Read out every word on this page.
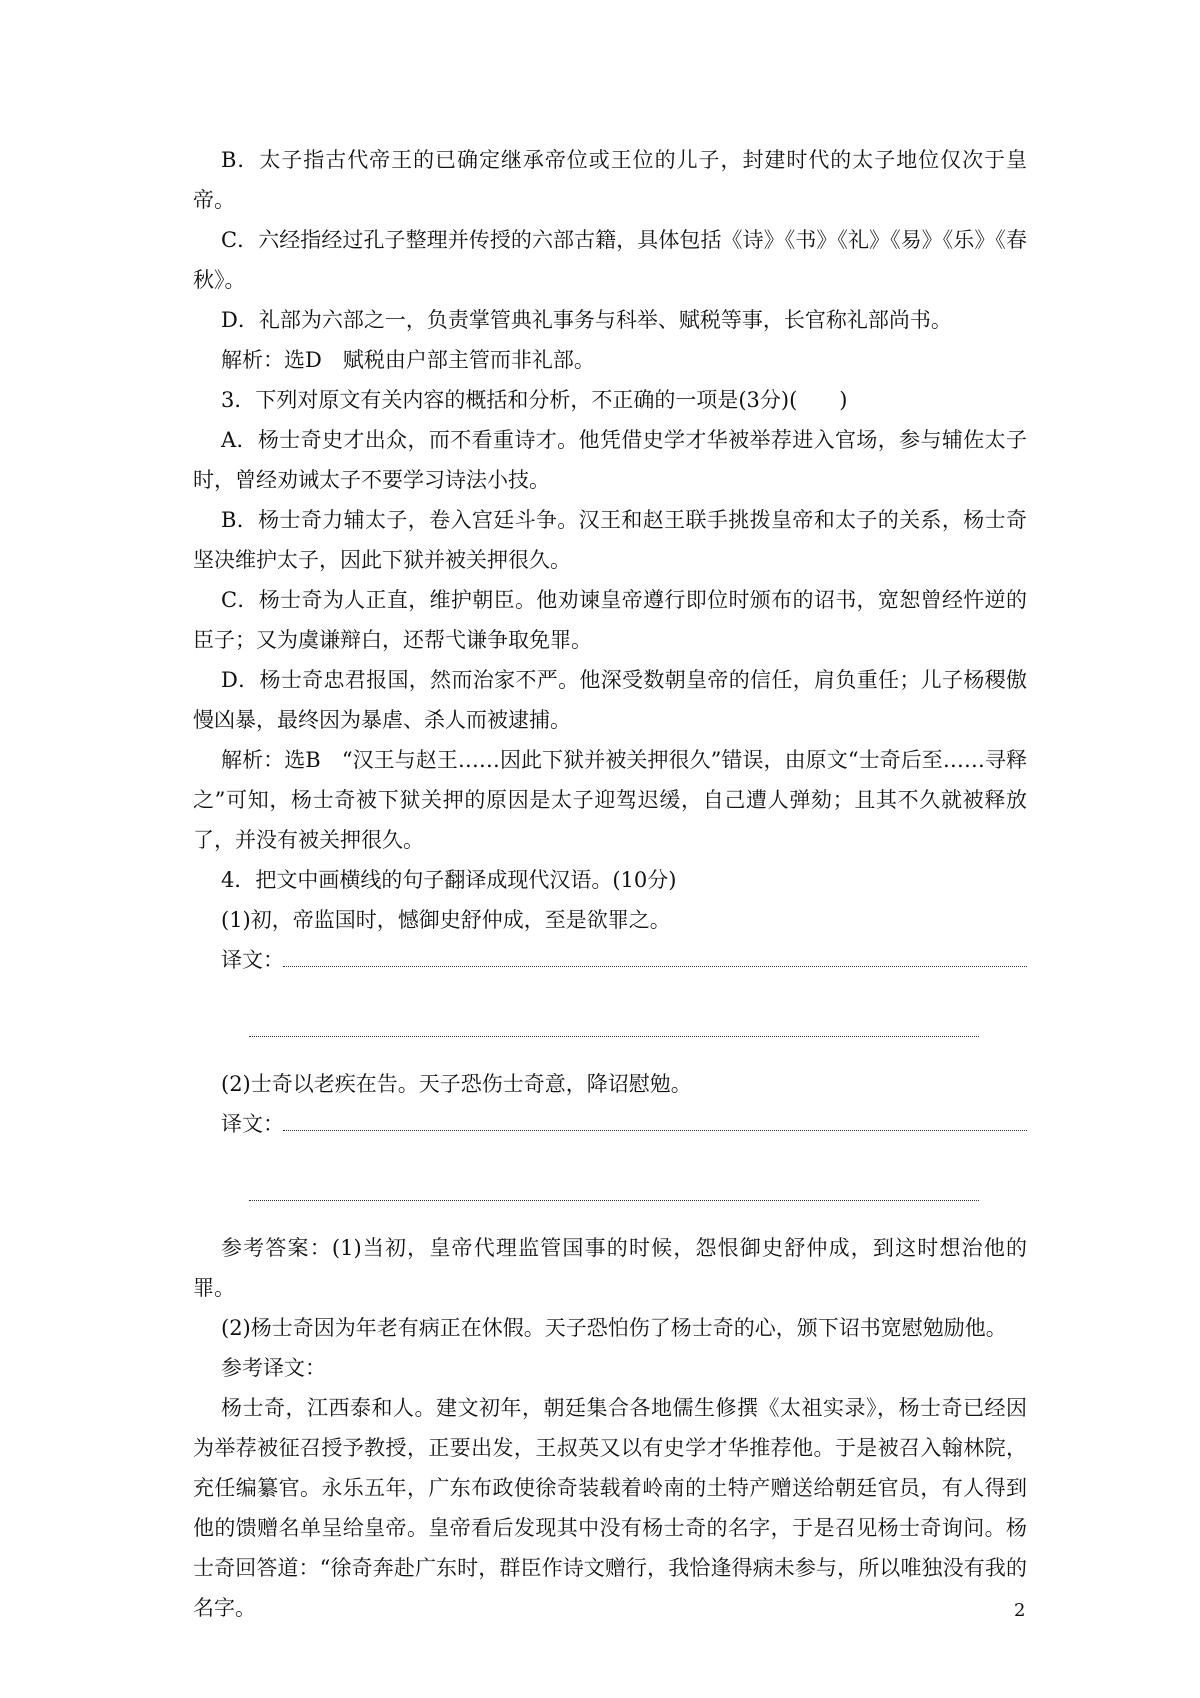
B．太子指古代帝王的已确定继承帝位或王位的儿子，封建时代的太子地位仅次于皇帝。

C．六经指经过孔子整理并传授的六部古籍，具体包括《诗》《书》《礼》《易》《乐》《春秋》。

D．礼部为六部之一，负责掌管典礼事务与科举、赋税等事，长官称礼部尚书。

解析：选D　赋税由户部主管而非礼部。

3．下列对原文有关内容的概括和分析，不正确的一项是(3分)(　　)

A．杨士奇史才出众，而不看重诗才。他凭借史学才华被举荐进入官场，参与辅佐太子时，曾经劝诫太子不要学习诗法小技。

B．杨士奇力辅太子，卷入宫廷斗争。汉王和赵王联手挑拨皇帝和太子的关系，杨士奇坚决维护太子，因此下狱并被关押很久。

C．杨士奇为人正直，维护朝臣。他劝谏皇帝遵行即位时颁布的诏书，宽恕曾经忤逆的臣子；又为虞谦辩白，还帮弋谦争取免罪。

D．杨士奇忠君报国，然而治家不严。他深受数朝皇帝的信任，肩负重任；儿子杨稷傲慢凶暴，最终因为暴虐、杀人而被逮捕。

解析：选B　“汉王与赵王……因此下狱并被关押很久”错误，由原文“士奇后至……寻释之”可知，杨士奇被下狱关押的原因是太子迎驾迟缓，自己遭人弹劾；且其不久就被释放了，并没有被关押很久。

4．把文中画横线的句子翻译成现代汉语。(10分)

(1)初，帝监国时，憾御史舒仲成，至是欲罪之。

译文：

(2)士奇以老疾在告。天子恐伤士奇意，降诏慰勉。

译文：

参考答案：(1)当初，皇帝代理监管国事的时候，怨恨御史舒仲成，到这时想治他的罪。

(2)杨士奇因为年老有病正在休假。天子恐怕伤了杨士奇的心，颁下诏书宽慰勉励他。

参考译文：

杨士奇，江西泰和人。建文初年，朝廷集合各地儒生修撰《太祖实录》，杨士奇已经因为举荐被征召授予教授，正要出发，王叔英又以有史学才华推荐他。于是被召入翰林院，充任编纂官。永乐五年，广东布政使徐奇装载着岭南的土特产赠送给朝廷官员，有人得到他的馈赠名单呈给皇帝。皇帝看后发现其中没有杨士奇的名字，于是召见杨士奇询问。杨士奇回答道：“徐奇奔赴广东时，群臣作诗文赠行，我恰逢得病未参与，所以唯独没有我的名字。	2
